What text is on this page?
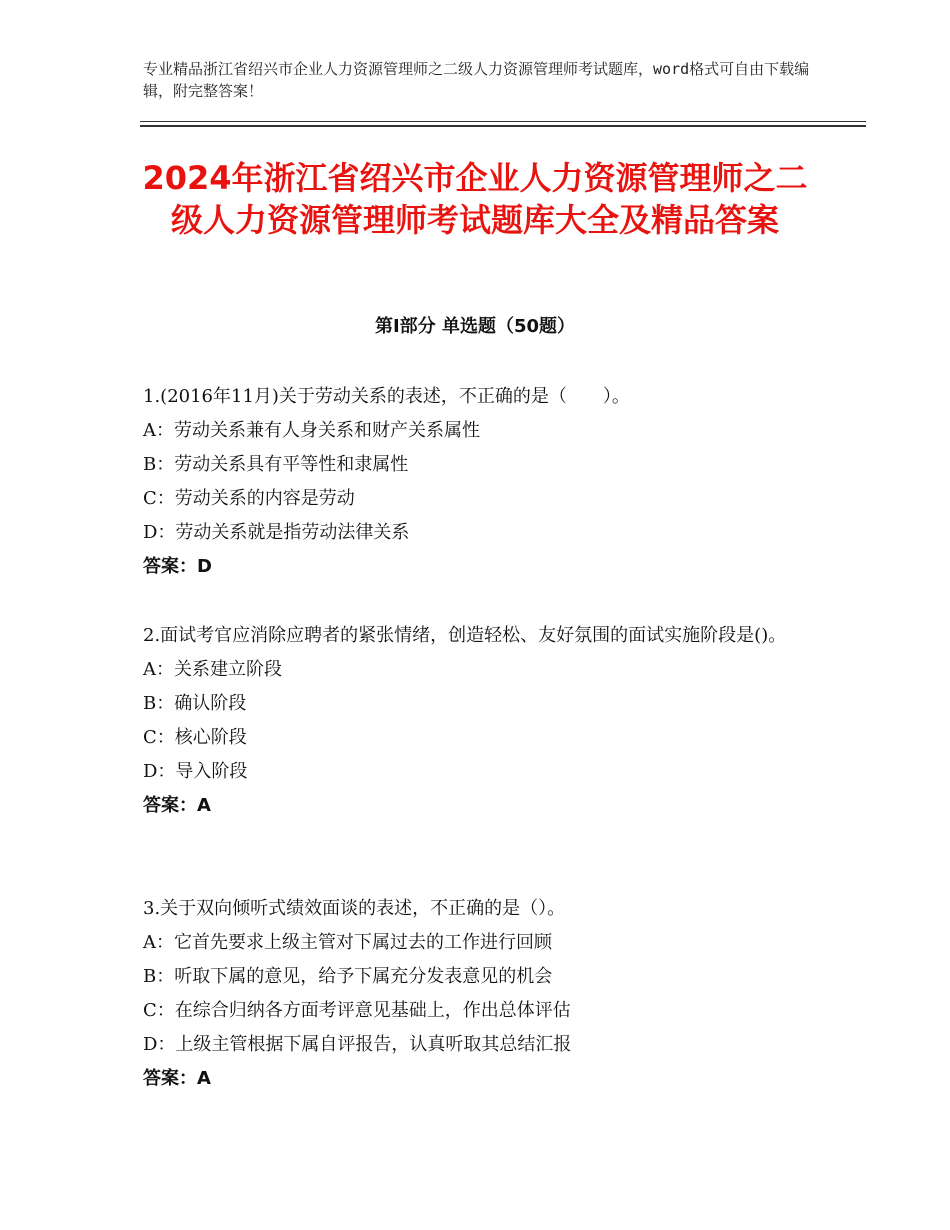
专业精品浙江省绍兴市企业人力资源管理师之二级人力资源管理师考试题库，word格式可自由下载编辑，附完整答案！
2024年浙江省绍兴市企业人力资源管理师之二级人力资源管理师考试题库大全及精品答案
第Ⅰ部分 单选题（50题）

1.(2016年11月)关于劳动关系的表述，不正确的是（　　）。

A：劳动关系兼有人身关系和财产关系属性

B：劳动关系具有平等性和隶属性

C：劳动关系的内容是劳动

D：劳动关系就是指劳动法律关系

答案：D

2.面试考官应消除应聘者的紧张情绪，创造轻松、友好氛围的面试实施阶段是()。

A：关系建立阶段

B：确认阶段

C：核心阶段

D：导入阶段

答案：A

3.关于双向倾听式绩效面谈的表述，不正确的是（）。

A：它首先要求上级主管对下属过去的工作进行回顾

B：听取下属的意见，给予下属充分发表意见的机会

C：在综合归纳各方面考评意见基础上，作出总体评估

D：上级主管根据下属自评报告，认真听取其总结汇报

答案：A
